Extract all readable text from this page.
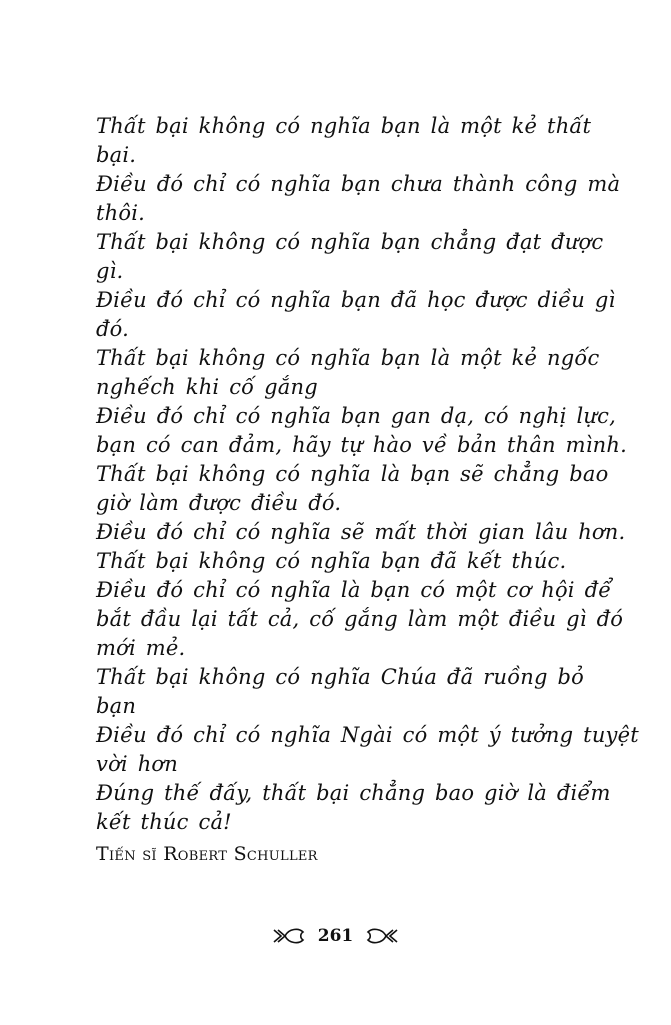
Thất bại không có nghĩa bạn là một kẻ thất

bại.

Điều đó chỉ có nghĩa bạn chưa thành công mà

thôi.

Thất bại không có nghĩa bạn chẳng đạt được

gì.

Điều đó chỉ có nghĩa bạn đã học được diều gì

đó.

Thất bại không có nghĩa bạn là một kẻ ngốc

nghếch khi cố gắng

Điều đó chỉ có nghĩa bạn gan dạ, có nghị lực,

bạn có can đảm, hãy tự hào về bản thân mình.

Thất bại không có nghĩa là bạn sẽ chẳng bao

giờ làm được điều đó.

Điều đó chỉ có nghĩa sẽ mất thời gian lâu hơn.

Thất bại không có nghĩa bạn đã kết thúc.

Điều đó chỉ có nghĩa là bạn có một cơ hội để

bắt đầu lại tất cả, cố gắng làm một điều gì đó

mới mẻ.

Thất bại không có nghĩa Chúa đã ruồng bỏ

bạn

Điều đó chỉ có nghĩa Ngài có một ý tưởng tuyệt

vời hơn

Đúng thế đấy, thất bại chẳng bao giờ là điểm

kết thúc cả!

Tiến sĩ Robert Schuller
261
